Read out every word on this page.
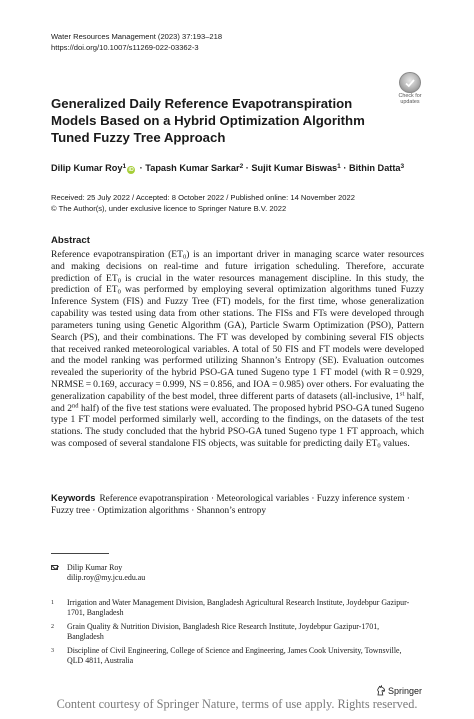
Water Resources Management (2023) 37:193–218
https://doi.org/10.1007/s11269-022-03362-3
Check for
updates
Generalized Daily Reference Evapotranspiration Models Based on a Hybrid Optimization Algorithm Tuned Fuzzy Tree Approach
Dilip Kumar Roy$^1$ iD · Tapash Kumar Sarkar$^2$ · Sujit Kumar Biswas$^1$ · Bithin Datta$^3$
Received: 25 July 2022 / Accepted: 8 October 2022 / Published online: 14 November 2022
© The Author(s), under exclusive licence to Springer Nature B.V. 2022
Abstract
Reference evapotranspiration $(ET_0)$ is an important driver in managing scarce water resources and making decisions on real-time and future irrigation scheduling. Therefore, accurate prediction of $ET_0$ is crucial in the water resources management discipline. In this study, the prediction of $ET_0$ was performed by employing several optimization algorithms tuned Fuzzy Inference System (FIS) and Fuzzy Tree (FT) models, for the first time, whose generalization capability was tested using data from other stations. The FISs and FTs were developed through parameters tuning using Genetic Algorithm (GA), Particle Swarm Optimization (PSO), Pattern Search (PS), and their combinations. The FT was developed by combining several FIS objects that received ranked meteorological variables. A total of 50 FIS and FT models were developed and the model ranking was performed utilizing Shannon’s Entropy (SE). Evaluation outcomes revealed the superiority of the hybrid PSO-GA tuned Sugeno type 1 FT model (with R = 0.929, NRMSE = 0.169, accuracy = 0.999, NS = 0.856, and IOA = 0.985) over others. For evaluating the generalization capability of the best model, three different parts of datasets (all-inclusive, 1st half, and 2nd half) of the five test stations were evaluated. The proposed hybrid PSO-GA tuned Sugeno type 1 FT model performed similarly well, according to the findings, on the datasets of the test stations. The study concluded that the hybrid PSO-GA tuned Sugeno type 1 FT approach, which was composed of several standalone FIS objects, was suitable for predicting daily $ET_0$ values.
Keywords Reference evapotranspiration · Meteorological variables · Fuzzy inference system · Fuzzy tree · Optimization algorithms · Shannon’s entropy
Dilip Kumar Roy
dilip.roy@my.jcu.edu.au
1 Irrigation and Water Management Division, Bangladesh Agricultural Research Institute, Joydebpur Gazipur-1701, Bangladesh
2 Grain Quality & Nutrition Division, Bangladesh Rice Research Institute, Joydebpur Gazipur-1701, Bangladesh
3 Discipline of Civil Engineering, College of Science and Engineering, James Cook University, Townsville, QLD 4811, Australia
Springer
Content courtesy of Springer Nature, terms of use apply. Rights reserved.
